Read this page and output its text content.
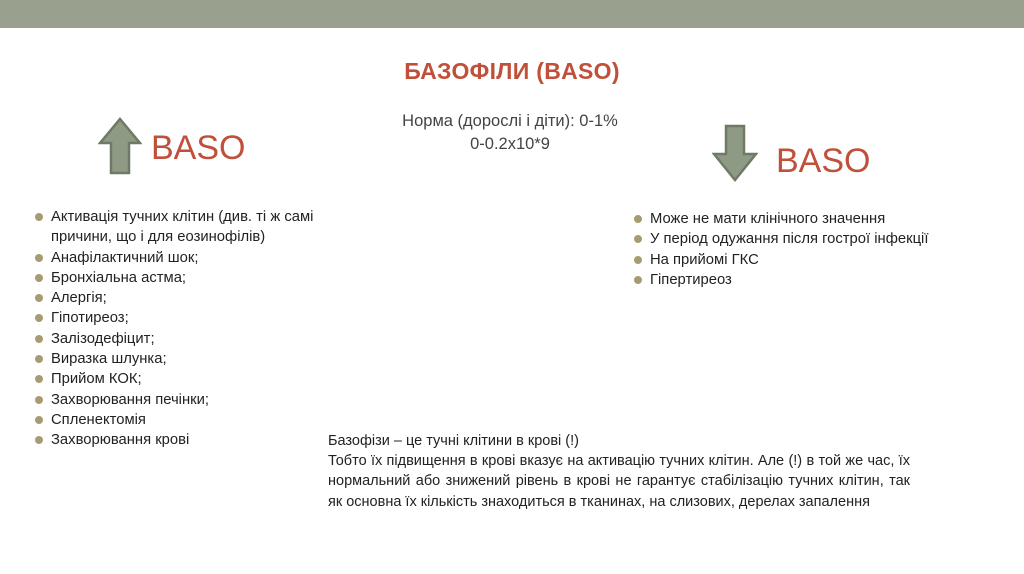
БАЗОФІЛИ (BASO)
Норма (дорослі і діти): 0-1%
0-0.2х10*9
BASO	BASO
Активація тучних клітин (див. ті ж самі причини, що і для еозинофілів)
Анафілактичний шок;
Бронхіальна астма;
Алергія;
Гіпотиреоз;
Залізодефіцит;
Виразка шлунка;
Прийом КОК;
Захворювання печінки;
Спленектомія
Захворювання крові
Може не мати клінічного значення
У період одужання після гострої інфекції
На прийомі ГКС
Гіпертиреоз

Базофізи – це тучні клітини в крові (!)

Тобто їх підвищення в крові вказує на активацію тучних клітин. Але (!) в той же час, їх нормальний або знижений рівень в крові не гарантує стабілізацію тучних клітин, так як основна їх кількість знаходиться в тканинах, на слизових, дерелах запалення
